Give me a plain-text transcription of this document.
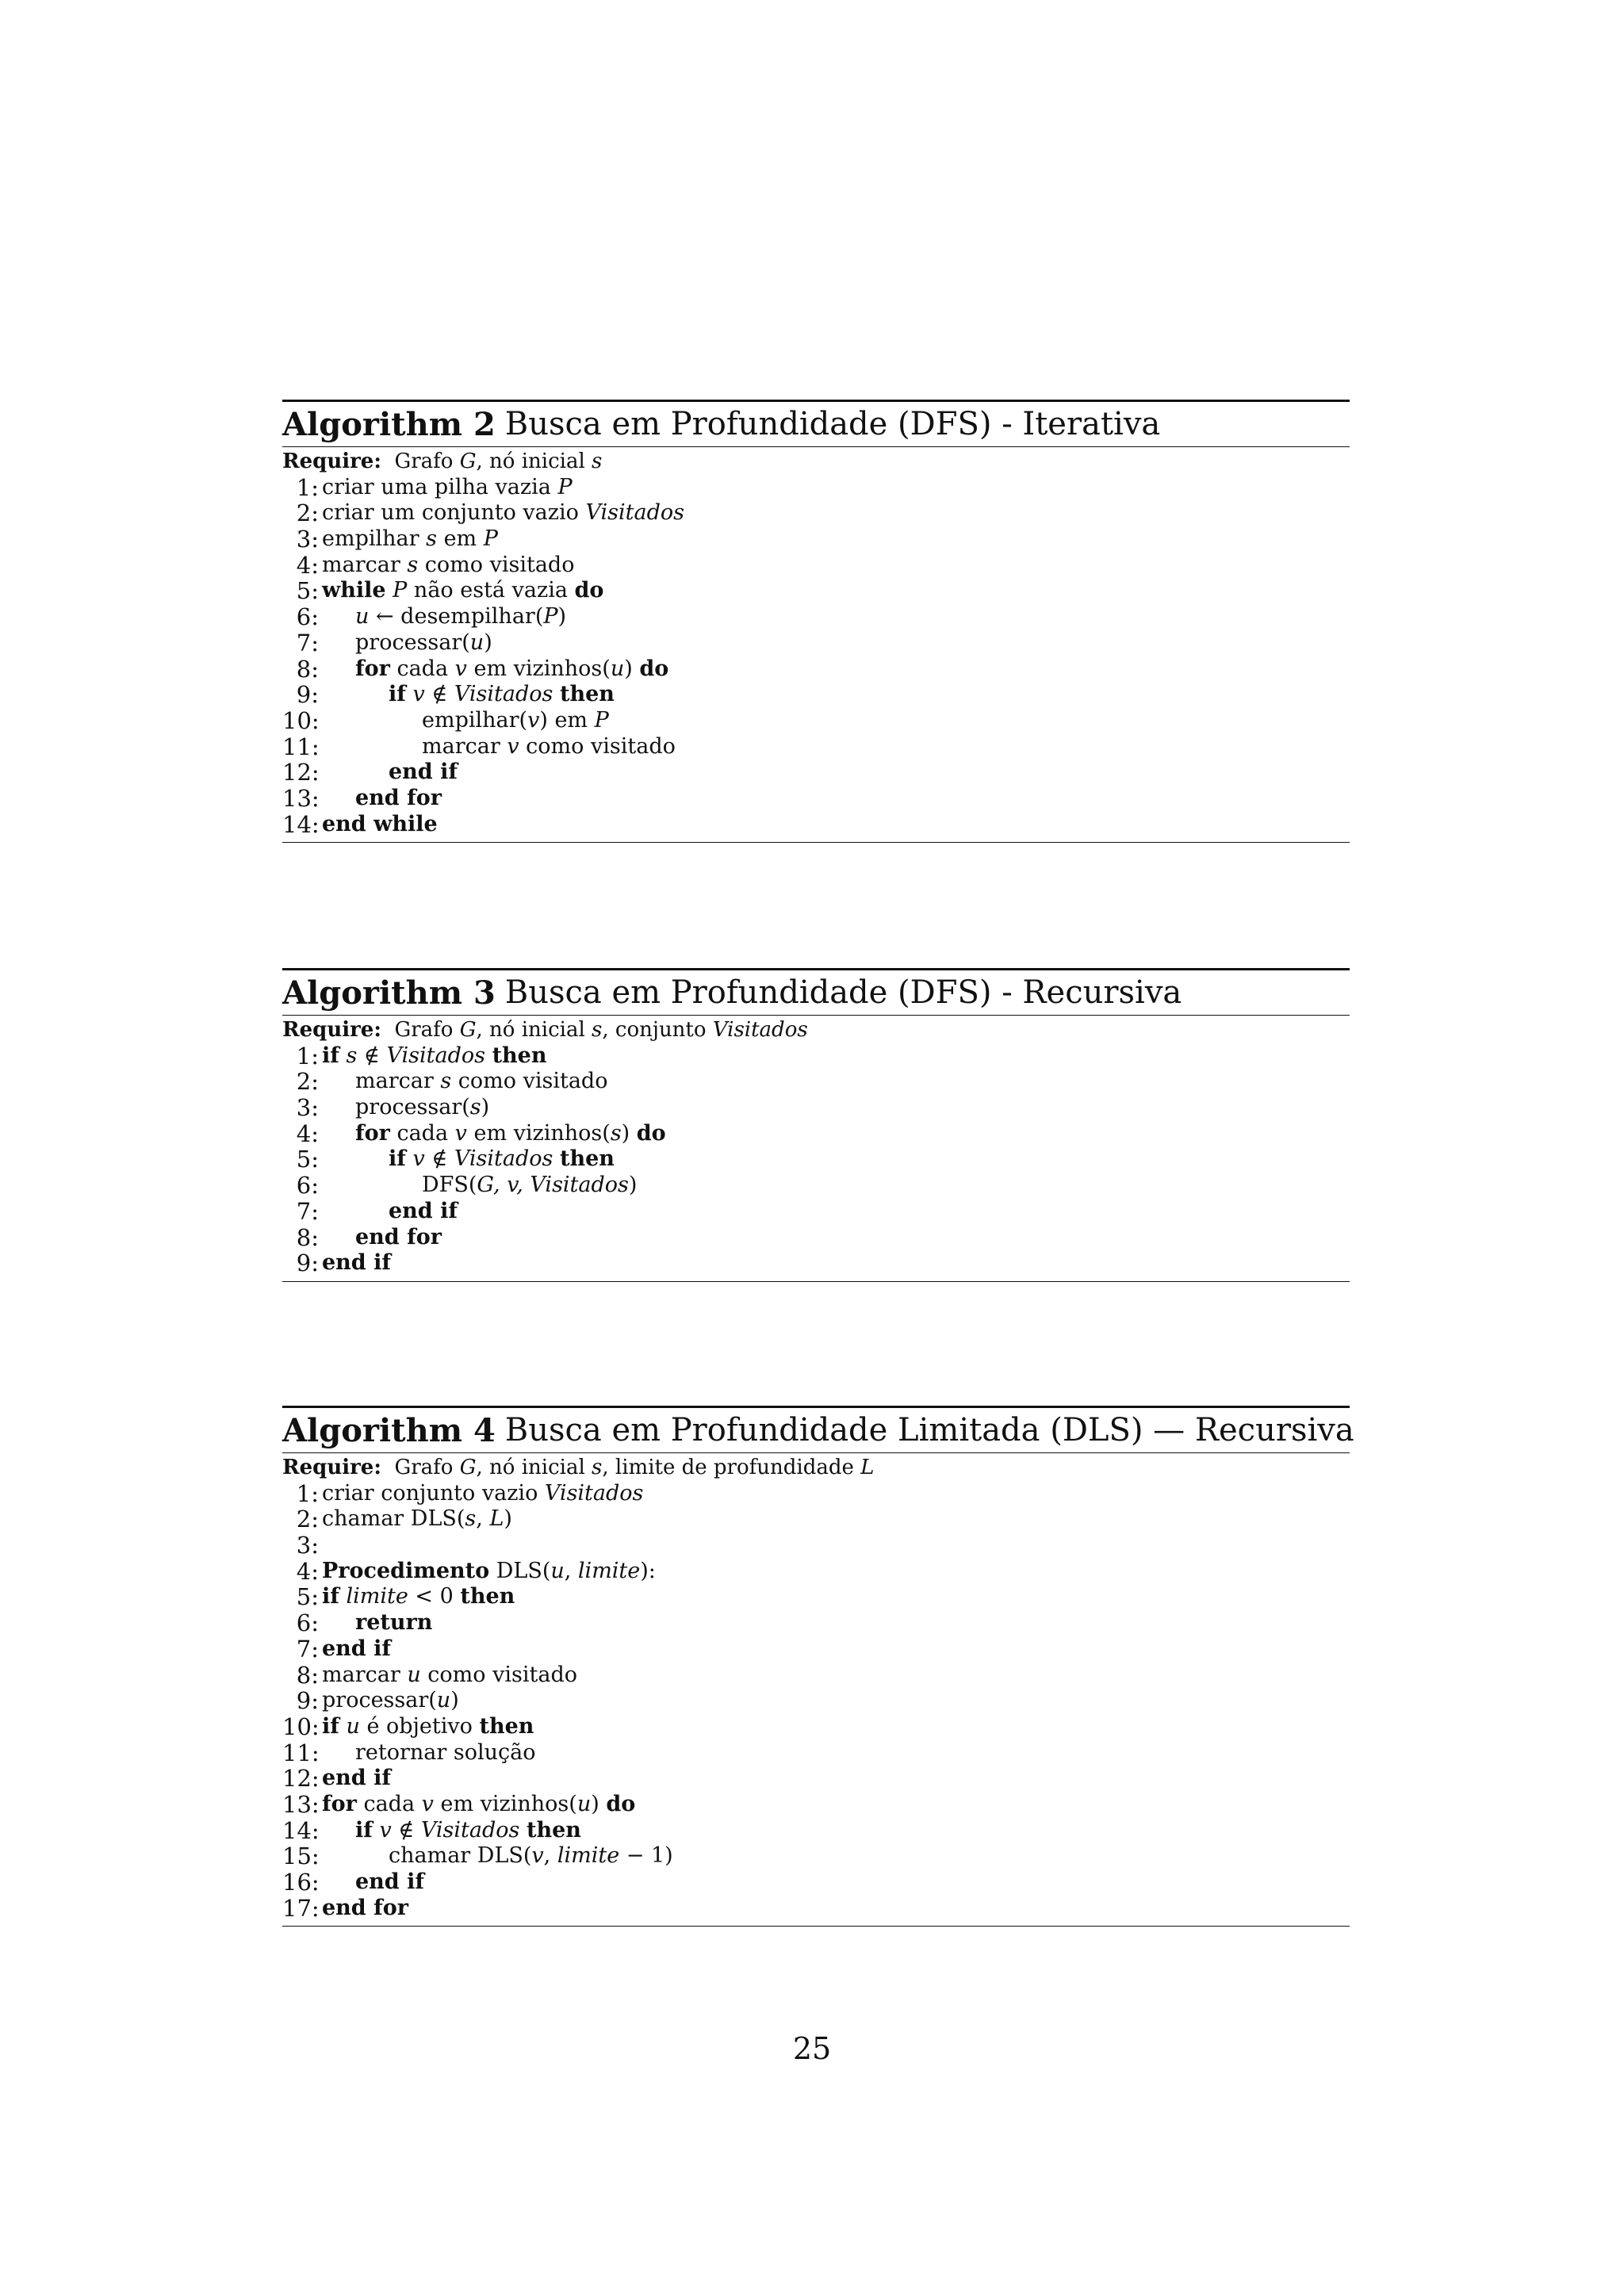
Algorithm 2 Busca em Profundidade (DFS) - Iterativa
Require: Grafo G, nó inicial s
1: criar uma pilha vazia P
2: criar um conjunto vazio Visitados
3: empilhar s em P
4: marcar s como visitado
5: while P não está vazia do
6: u ← desempilhar(P)
7: processar(u)
8: for cada v em vizinhos(u) do
9:	if v ∉ Visitados then
10:	empilhar(v) em P
11:	marcar v como visitado
12:	end if
13: end for
14: end while
Algorithm 3 Busca em Profundidade (DFS) - Recursiva
Require: Grafo G, nó inicial s, conjunto Visitados
1: if s ∉ Visitados then
2: marcar s como visitado
3: processar(s)
4: for cada v em vizinhos(s) do
5:	if v ∉ Visitados then
6:	DFS(G, v, Visitados)
7:	end if
8: end for
9: end if
Algorithm 4 Busca em Profundidade Limitada (DLS) — Recursiva
Require: Grafo G, nó inicial s, limite de profundidade L
1: criar conjunto vazio Visitados
2: chamar DLS(s, L)
3:
4: Procedimento DLS(u, limite):
5: if limite < 0 then
6: return
7: end if
8: marcar u como visitado
9: processar(u)
10: if u é objetivo then
11: retornar solução
12: end if
13: for cada v em vizinhos(u) do
14: if v ∉ Visitados then
15:	chamar DLS(v, limite − 1)
16: end if
17: end for
25
